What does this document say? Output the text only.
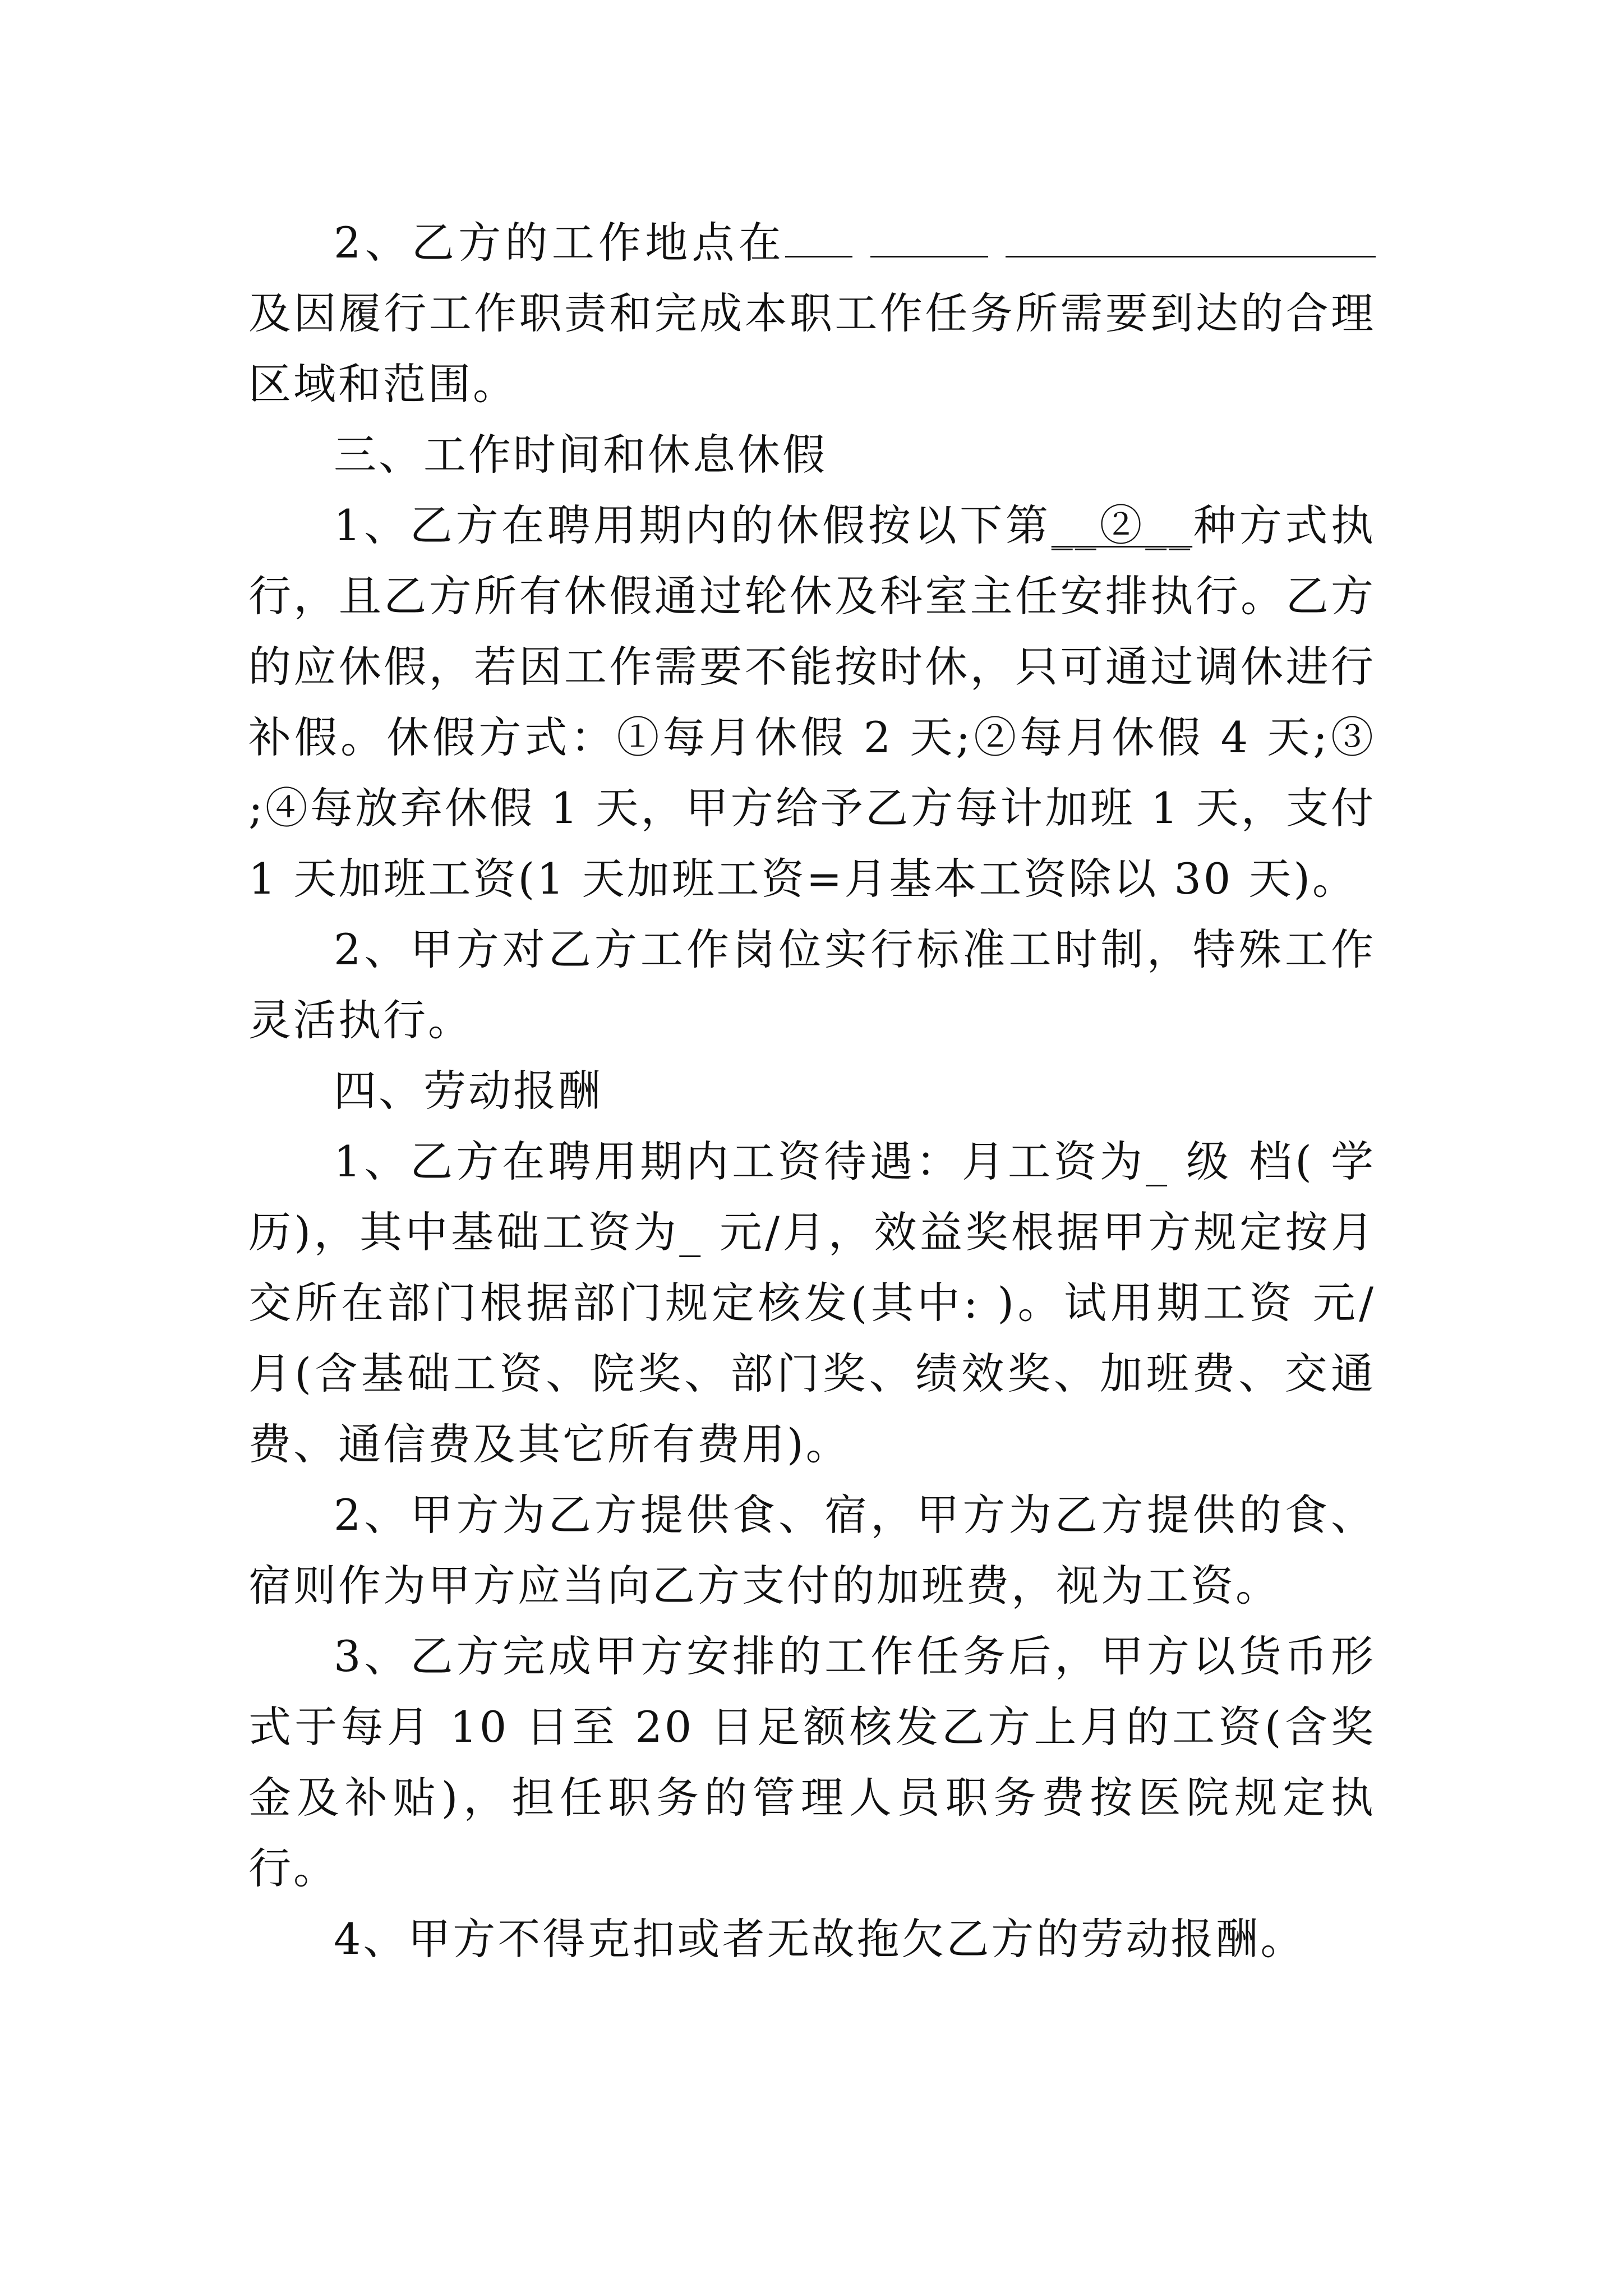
2、乙方的工作地点在  及因履行工作职责和完成本职工作任务所需要到达的合理区域和范围。

三、工作时间和休息休假

1、乙方在聘用期内的休假按以下第__②__种方式执行，且乙方所有休假通过轮休及科室主任安排执行。乙方的应休假，若因工作需要不能按时休，只可通过调休进行补假。休假方式：①每月休假 2 天;②每月休假 4 天;③ ;④每放弃休假 1 天，甲方给予乙方每计加班 1 天，支付 1 天加班工资(1 天加班工资=月基本工资除以 30 天)。

2、甲方对乙方工作岗位实行标准工时制，特殊工作灵活执行。

四、劳动报酬

1、乙方在聘用期内工资待遇：月工资为_ 级 档( 学历)，其中基础工资为_ 元/月，效益奖根据甲方规定按月交所在部门根据部门规定核发(其中: )。试用期工资 元/月(含基础工资、院奖、部门奖、绩效奖、加班费、交通费、通信费及其它所有费用)。

2、甲方为乙方提供食、宿，甲方为乙方提供的食、宿则作为甲方应当向乙方支付的加班费，视为工资。

3、乙方完成甲方安排的工作任务后，甲方以货币形式于每月 10 日至 20 日足额核发乙方上月的工资(含奖金及补贴)，担任职务的管理人员职务费按医院规定执行。

4、甲方不得克扣或者无故拖欠乙方的劳动报酬。
